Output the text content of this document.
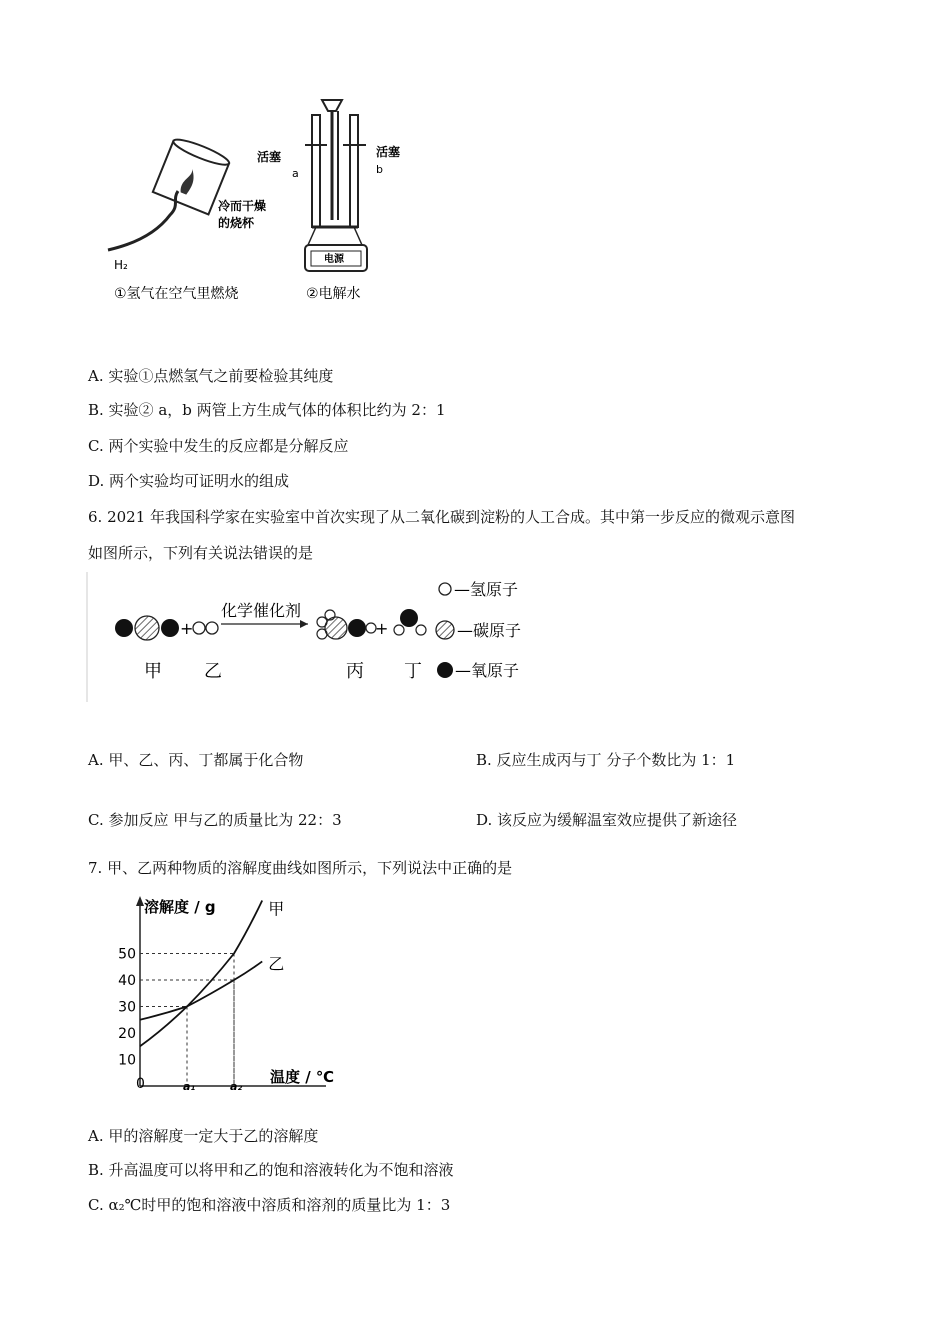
H₂
冷而干燥
的烧杯
活塞	活塞
a	b
电源
①氢气在空气里燃烧	②电解水
A. 实验①点燃氢气之前要检验其纯度
B. 实验② a，b 两管上方生成气体的体积比约为 2：1
C. 两个实验中发生的反应都是分解反应
D. 两个实验均可证明水的组成
6. 2021 年我国科学家在实验室中首次实现了从二氧化碳到淀粉的人工合成。其中第一步反应的微观示意图
如图所示，下列有关说法错误的是
+
化学催化剂
+
甲 乙	丙 丁
—氢原子
—碳原子
—氧原子
A. 甲、乙、丙、丁都属于化合物	B. 反应生成丙与丁 分子个数比为 1：1
C. 参加反应 甲与乙的质量比为 22：3	D. 该反应为缓解温室效应提供了新途径
7. 甲、乙两种物质的溶解度曲线如图所示，下列说法中正确的是
溶解度 / g
温度 / ℃
0
10
20
30
40
50
a₁	a₂
甲
乙
A. 甲的溶解度一定大于乙的溶解度
B. 升高温度可以将甲和乙的饱和溶液转化为不饱和溶液
C. α₂℃时甲的饱和溶液中溶质和溶剂的质量比为 1：3
